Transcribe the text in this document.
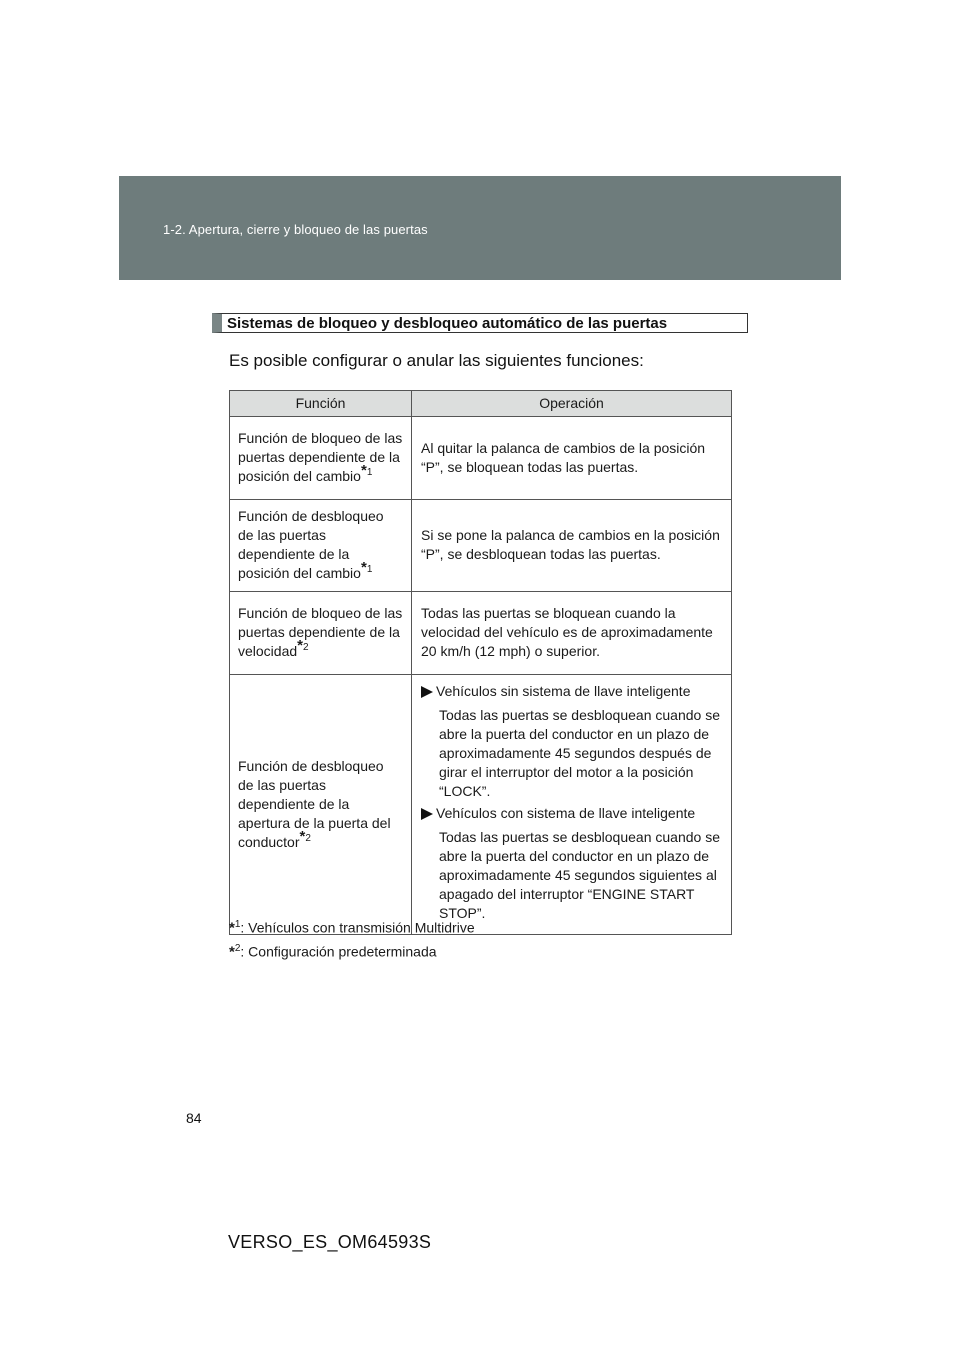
1-2. Apertura, cierre y bloqueo de las puertas
Sistemas de bloqueo y desbloqueo automático de las puertas
Es posible configurar o anular las siguientes funciones:
Función	Operación
Función de bloqueo de las puertas dependiente de la posición del cambio$^{*1}$	Al quitar la palanca de cambios de la posición “P”, se bloquean todas las puertas.
Función de desbloqueo de las puertas dependiente de la posición del cambio$^{*1}$	Si se pone la palanca de cambios en la posición “P”, se desbloquean todas las puertas.
Función de bloqueo de las puertas dependiente de la velocidad$^{*2}$	Todas las puertas se bloquean cuando la velocidad del vehículo es de aproximadamente 20 km/h (12 mph) o superior.
Función de desbloqueo de las puertas dependiente de la apertura de la puerta del conductor$^{*2}$	Vehículos sin sistema de llave inteligente
Todas las puertas se desbloquean cuando se abre la puerta del conductor en un plazo de aproximadamente 45 segundos después de girar el interruptor del motor a la posición “LOCK”.
Vehículos con sistema de llave inteligente
Todas las puertas se desbloquean cuando se abre la puerta del conductor en un plazo de aproximadamente 45 segundos siguientes al apagado del interruptor “ENGINE START STOP”.
*$^1$: Vehículos con transmisión Multidrive
*$^2$: Configuración predeterminada
84
VERSO_ES_OM64593S
